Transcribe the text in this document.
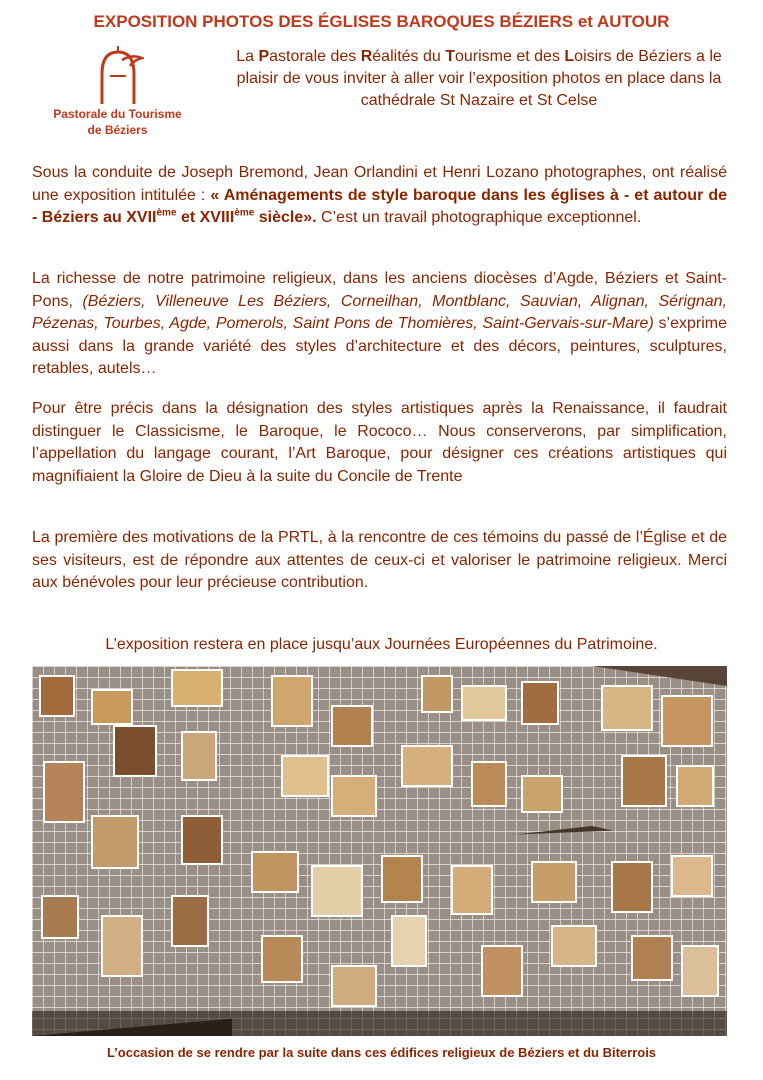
EXPOSITION PHOTOS DES ÉGLISES BAROQUES BÉZIERS et AUTOUR
Pastorale du Tourisme
de Béziers

La Pastorale des Réalités du Tourisme et des Loisirs de Béziers a le plaisir de vous inviter à aller voir l’exposition photos en place dans la cathédrale St Nazaire et St Celse

Sous la conduite de Joseph Bremond, Jean Orlandini et Henri Lozano photographes, ont réalisé une exposition intitulée : « Aménagements de style baroque dans les églises à - et autour de - Béziers au XVIIème et XVIIIème siècle». C’est un travail photographique exceptionnel.

La richesse de notre patrimoine religieux, dans les anciens diocèses d’Agde, Béziers et Saint-Pons, (Béziers, Villeneuve Les Béziers, Corneilhan, Montblanc, Sauvian, Alignan, Sérignan, Pézenas, Tourbes, Agde, Pomerols, Saint Pons de Thomières, Saint-Gervais-sur-Mare) s’exprime aussi dans la grande variété des styles d’architecture et des décors, peintures, sculptures, retables, autels…

Pour être précis dans la désignation des styles artistiques après la Renaissance, il faudrait distinguer le Classicisme, le Baroque, le Rococo… Nous conserverons, par simplification, l’appellation du langage courant, l’Art Baroque, pour désigner ces créations artistiques qui magnifiaient la Gloire de Dieu à la suite du Concile de Trente

La première des motivations de la PRTL, à la rencontre de ces témoins du passé de l’Église et de ses visiteurs, est de répondre aux attentes de ceux-ci et valoriser le patrimoine religieux. Merci aux bénévoles pour leur précieuse contribution.

L’exposition restera en place jusqu’aux Journées Européennes du Patrimoine.

L’occasion de se rendre par la suite dans ces édifices religieux de Béziers et du Biterrois
